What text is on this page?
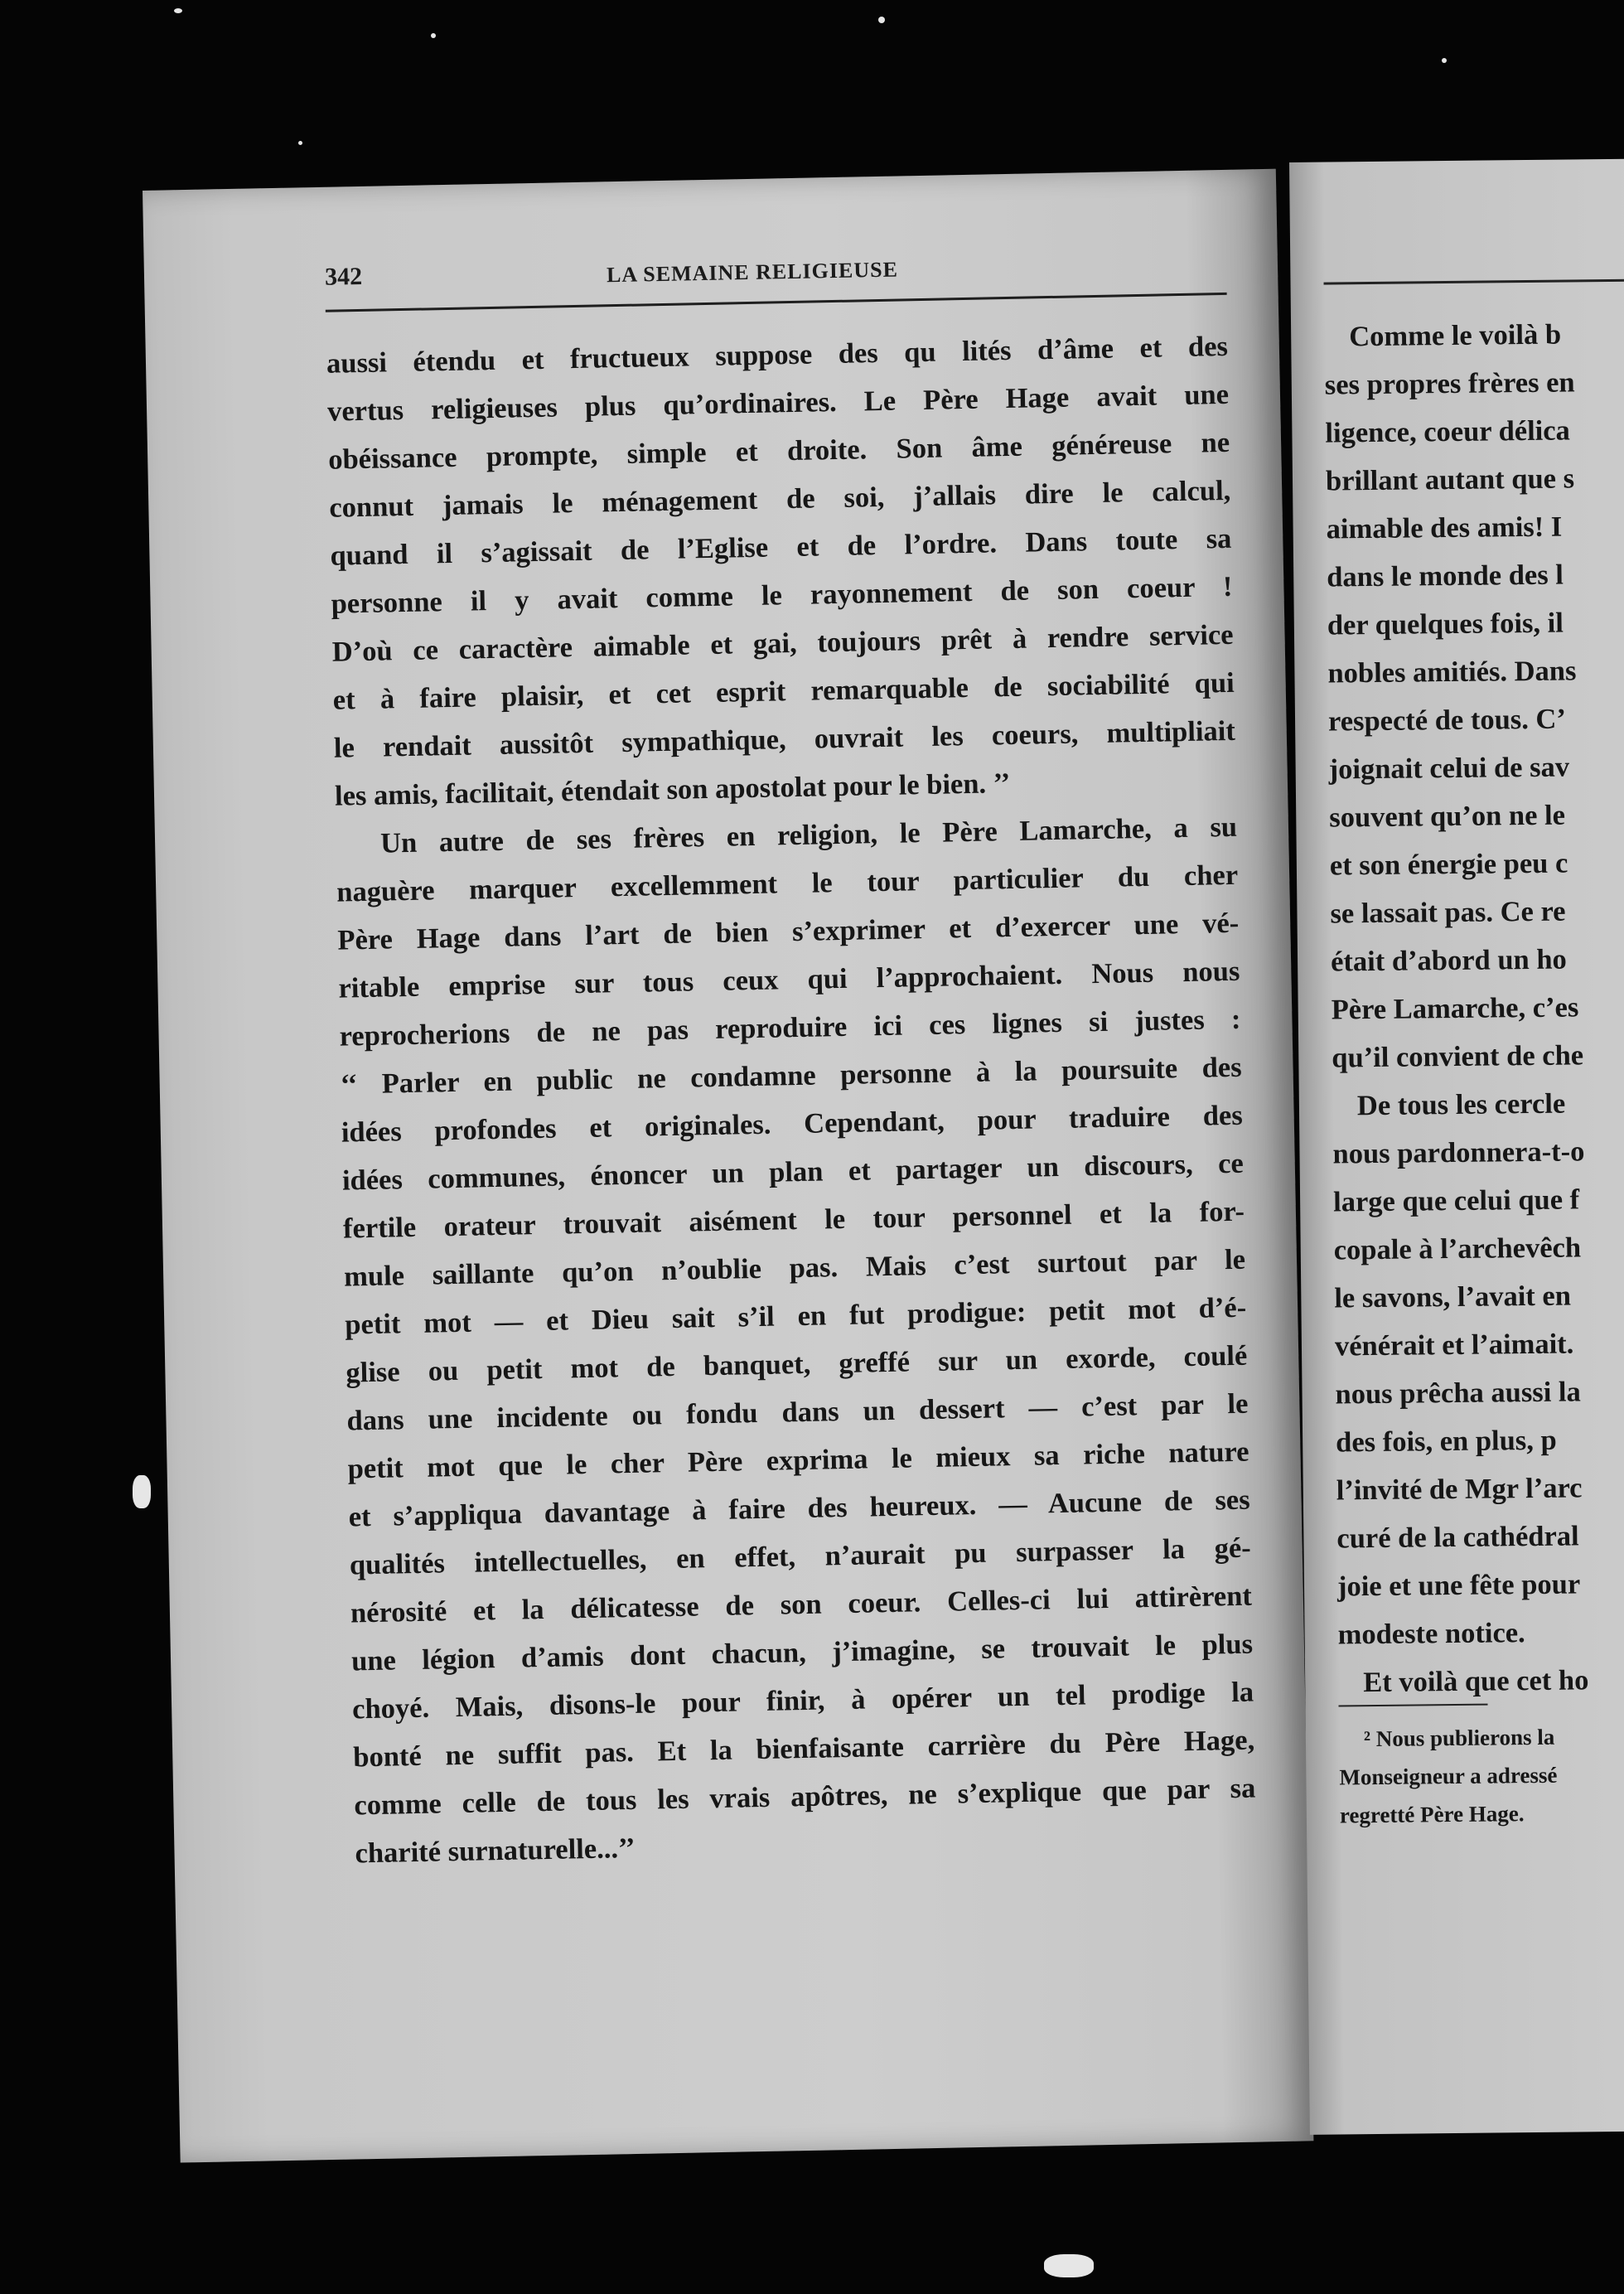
342	LA SEMAINE RELIGIEUSE
aussi étendu et fructueux suppose des qu lités d’âme et des
vertus religieuses plus qu’ordinaires. Le Père Hage avait une
obéissance prompte, simple et droite. Son âme généreuse ne
connut jamais le ménagement de soi, j’allais dire le calcul,
quand il s’agissait de l’Eglise et de l’ordre. Dans toute sa
personne il y avait comme le rayonnement de son coeur !
D’où ce caractère aimable et gai, toujours prêt à rendre service
et à faire plaisir, et cet esprit remarquable de sociabilité qui
le rendait aussitôt sympathique, ouvrait les coeurs, multipliait
les amis, facilitait, étendait son apostolat pour le bien. ’’
Un autre de ses frères en religion, le Père Lamarche, a su
naguère marquer excellemment le tour particulier du cher
Père Hage dans l’art de bien s’exprimer et d’exercer une vé-
ritable emprise sur tous ceux qui l’approchaient. Nous nous
reprocherions de ne pas reproduire ici ces lignes si justes :
‘‘ Parler en public ne condamne personne à la poursuite des
idées profondes et originales. Cependant, pour traduire des
idées communes, énoncer un plan et partager un discours, ce
fertile orateur trouvait aisément le tour personnel et la for-
mule saillante qu’on n’oublie pas. Mais c’est surtout par le
petit mot — et Dieu sait s’il en fut prodigue: petit mot d’é-
glise ou petit mot de banquet, greffé sur un exorde, coulé
dans une incidente ou fondu dans un dessert — c’est par le
petit mot que le cher Père exprima le mieux sa riche nature
et s’appliqua davantage à faire des heureux. — Aucune de ses
qualités intellectuelles, en effet, n’aurait pu surpasser la gé-
nérosité et la délicatesse de son coeur. Celles-ci lui attirèrent
une légion d’amis dont chacun, j’imagine, se trouvait le plus
choyé. Mais, disons-le pour finir, à opérer un tel prodige la
bonté ne suffit pas. Et la bienfaisante carrière du Père Hage,
comme celle de tous les vrais apôtres, ne s’explique que par sa
charité surnaturelle...’’
Comme le voilà b
ses propres frères en
ligence, coeur délica
brillant autant que s
aimable des amis! I
dans le monde des l
der quelques fois, il
nobles amitiés. Dans
respecté de tous. C’
joignait celui de sav
souvent qu’on ne le
et son énergie peu c
se lassait pas. Ce re
était d’abord un ho
Père Lamarche, c’es
qu’il convient de che
De tous les cercle
nous pardonnera-t-o
large que celui que f
copale à l’archevêch
le savons, l’avait en
vénérait et l’aimait.
nous prêcha aussi la
des fois, en plus, p
l’invité de Mgr l’arc
curé de la cathédral
joie et une fête pour
modeste notice.
Et voilà que cet ho
² Nous publierons la
Monseigneur a adressé
regretté Père Hage.
